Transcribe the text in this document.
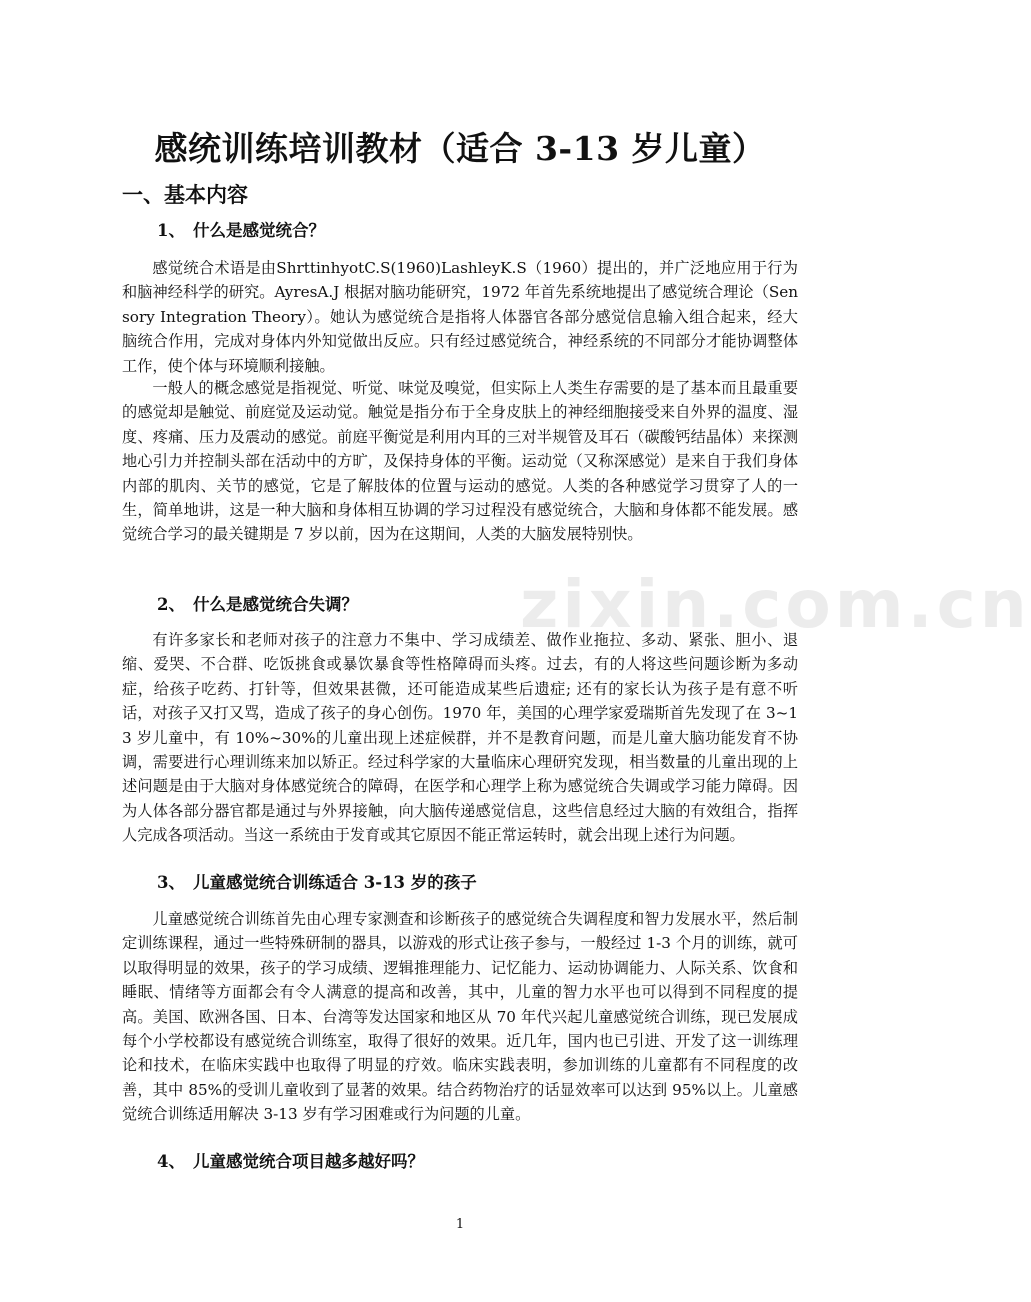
zixin.com.cn
感统训练培训教材（适合 3-13 岁儿童）
一、基本内容
1、 什么是感觉统合？

感觉统合术语是由ShrttinhyotC.S(1960)LashleyK.S（1960）提出的，并广泛地应用于行为和脑神经科学的研究。AyresA.J 根据对脑功能研究，1972 年首先系统地提出了感觉统合理论（Sensory Integration Theory）。她认为感觉统合是指将人体器官各部分感觉信息输入组合起来，经大脑统合作用，完成对身体内外知觉做出反应。只有经过感觉统合，神经系统的不同部分才能协调整体工作，使个体与环境顺利接触。

一般人的概念感觉是指视觉、听觉、味觉及嗅觉，但实际上人类生存需要的是了基本而且最重要的感觉却是触觉、前庭觉及运动觉。触觉是指分布于全身皮肤上的神经细胞接受来自外界的温度、湿度、疼痛、压力及震动的感觉。前庭平衡觉是利用内耳的三对半规管及耳石（碳酸钙结晶体）来探测地心引力并控制头部在活动中的方旷，及保持身体的平衡。运动觉（又称深感觉）是来自于我们身体内部的肌肉、关节的感觉，它是了解肢体的位置与运动的感觉。人类的各种感觉学习贯穿了人的一生，简单地讲，这是一种大脑和身体相互协调的学习过程没有感觉统合，大脑和身体都不能发展。感觉统合学习的最关键期是 7 岁以前，因为在这期间，人类的大脑发展特别快。

2、 什么是感觉统合失调？

有许多家长和老师对孩子的注意力不集中、学习成绩差、做作业拖拉、多动、紧张、胆小、退缩、爱哭、不合群、吃饭挑食或暴饮暴食等性格障碍而头疼。过去，有的人将这些问题诊断为多动症，给孩子吃药、打针等，但效果甚微，还可能造成某些后遗症; 还有的家长认为孩子是有意不听话，对孩子又打又骂，造成了孩子的身心创伤。1970 年，美国的心理学家爱瑞斯首先发现了在 3~13 岁儿童中，有 10%~30%的儿童出现上述症候群，并不是教育问题，而是儿童大脑功能发育不协调，需要进行心理训练来加以矫正。经过科学家的大量临床心理研究发现，相当数量的儿童出现的上述问题是由于大脑对身体感觉统合的障碍，在医学和心理学上称为感觉统合失调或学习能力障碍。因为人体各部分器官都是通过与外界接触，向大脑传递感觉信息，这些信息经过大脑的有效组合，指挥人完成各项活动。当这一系统由于发育或其它原因不能正常运转时，就会出现上述行为问题。

3、 儿童感觉统合训练适合 3-13 岁的孩子

儿童感觉统合训练首先由心理专家测查和诊断孩子的感觉统合失调程度和智力发展水平，然后制定训练课程，通过一些特殊研制的器具，以游戏的形式让孩子参与，一般经过 1-3 个月的训练，就可以取得明显的效果，孩子的学习成绩、逻辑推理能力、记忆能力、运动协调能力、人际关系、饮食和睡眠、情绪等方面都会有令人满意的提高和改善，其中，儿童的智力水平也可以得到不同程度的提高。美国、欧洲各国、日本、台湾等发达国家和地区从 70 年代兴起儿童感觉统合训练，现已发展成每个小学校都设有感觉统合训练室，取得了很好的效果。近几年，国内也已引进、开发了这一训练理论和技术，在临床实践中也取得了明显的疗效。临床实践表明，参加训练的儿童都有不同程度的改善，其中 85%的受训儿童收到了显著的效果。结合药物治疗的话显效率可以达到 95%以上。儿童感觉统合训练适用解决 3-13 岁有学习困难或行为问题的儿童。

4、 儿童感觉统合项目越多越好吗？

1
